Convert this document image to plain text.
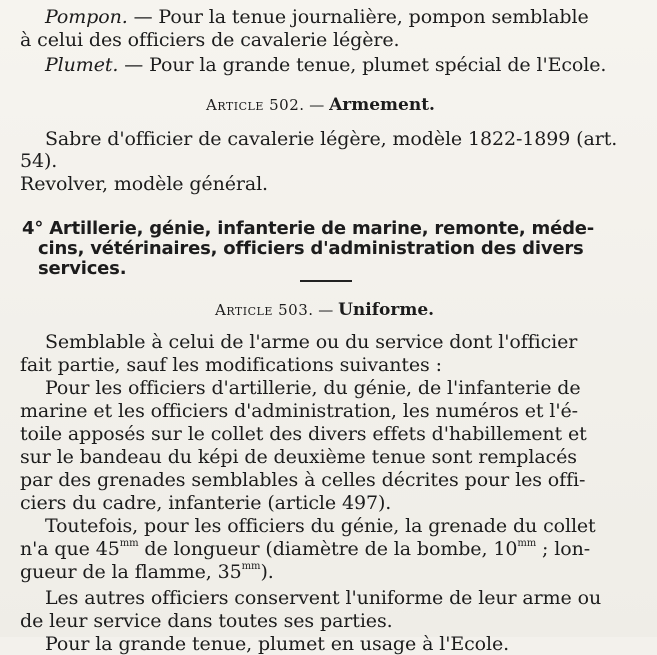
Pompon. — Pour la tenue journalière, pompon semblable
à celui des officiers de cavalerie légère.
Plumet. — Pour la grande tenue, plumet spécial de l'Ecole.
Article 502. — Armement.
Sabre d'officier de cavalerie légère, modèle 1822-1899 (art.
54).
Revolver, modèle général.
4° Artillerie, génie, infanterie de marine, remonte, méde-
cins, vétérinaires, officiers d'administration des divers
services.
Article 503. — Uniforme.
Semblable à celui de l'arme ou du service dont l'officier
fait partie, sauf les modifications suivantes :
Pour les officiers d'artillerie, du génie, de l'infanterie de
marine et les officiers d'administration, les numéros et l'é-
toile apposés sur le collet des divers effets d'habillement et
sur le bandeau du képi de deuxième tenue sont remplacés
par des grenades semblables à celles décrites pour les offi-
ciers du cadre, infanterie (article 497).
Toutefois, pour les officiers du génie, la grenade du collet
n'a que $45^{mm}$ de longueur (diamètre de la bombe, $10^{mm}$ ; lon-
gueur de la flamme, $35^{mm}$).
Les autres officiers conservent l'uniforme de leur arme ou
de leur service dans toutes ses parties.
Pour la grande tenue, plumet en usage à l'Ecole.
